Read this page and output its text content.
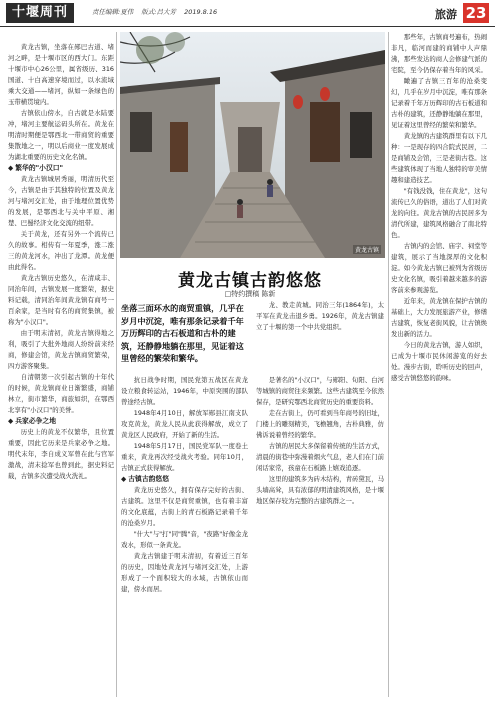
十堰周刊	责任编辑:夏伟 版式:吕大芳 2019.8.16	旅游 23

黄龙古镇，坐落在郧巴古道、堵河之畔，是十堰市区的西大门。东距十堰市中心26公里，属省级历、316国道、十白高速穿境而过，以水流域乘大交通——堵河，纵如一条绿色的玉带横贯境内。

古镇依山傍水，自古就是水陆要冲，堵河主要航运码头所在。黄龙在明清时期便是鄂西北一带商贸的重要集散地之一，明以后商业一度发展成为湖北重要的历史文化名镇。

◆ 繁华的"小汉口"

黄龙古镇城居秀丽，明清历代至今，古镇是由于其独特的位置及黄龙河与堵河交汇处，由于地理位置优势的发展，是鄂西北与关中平原、湘楚、巴蜀经济文化交流的纽带。

关于黄龙，还有另外一个流传已久的故事。相传有一年夏季，涨二涨三的黄龙河水，冲出了龙潭。黄龙便由此得名。

黄龙古镇历史悠久，在清咸丰、同治年间，古镇发展一度繁荣，据史料记载，清同治年间黄龙镇有商号一百余家，是当时有名的商贸集镇，被称为"小汉口"。

由于明末清初，黄龙古镇得地之利，吸引了大批外地商人纷纷前来经商，修建会馆，黄龙古镇商贸繁荣，四方游客聚集。

自清朝第一次引起古镇的十年代的时候，黄龙镇商业日渐繁盛，商铺林立，街市繁华，商旅如织，在鄂西北享有"小汉口"的美誉。

◆ 兵家必争之地

历史上的黄龙不仅繁华，且位置重要，因此它历来是兵家必争之地。明代末年，李自成义军曾在此与官军激战，清末捻军也曾到此，据史料记载，古镇多次遭受战火洗礼。

黄龙古镇
黄龙古镇古韵悠悠
□特约撰稿 陈新
坐落三面环水的商贸重镇，几乎在岁月中沉淀，唯有那条记录着千年万历辉印的古石板道和古朴的建筑，还静静地躺在那里，见证着这里曾经的繁荣和繁华。

龙、教走黄城。同治三年(1864年)，太平军在黄龙击退乡勇。1926年，黄龙古镇建立了十堰的第一个中共党组织。

抗日战争时期，国民党第五战区在黄龙设立粮食转运站，1946年，中原突围的部队曾途经古镇。

1948年4月10日，解放军郧县江南支队攻克黄龙，黄龙人民从此获得解放，成立了黄龙区人民政府，开始了新的生活。

1948年5月17日，国民党军队一度卷土重来，黄龙再次经受战火考验。同年10月，古镇正式获得解放。

◆ 古镇古韵悠悠

黄龙历史悠久，拥有保存完好的古街、古建筑。这里不仅是商贸重镇，也有着丰富的文化底蕴，古街上的青石板路记录着千年的沧桑岁月。

"什大"与"打"同"腾"音，"夜路"好像金龙戏水，形似一条黄龙。

黄龙古镇建于明末清初，有着近三百年的历史，因地处黄龙河与堵河交汇处，上游形成了一个面积较大的水域，古镇依山而建，傍水而居。

是著名的"小汉口"，与郧阳、旬阳、白河等城镇的商贸往来频繁。这些古建筑至今依然保存，是研究鄂西北商贸历史的重要资料。

走在古街上，仍可看到当年商号的旧址，门楼上的雕刻精美，飞檐翘角，古朴典雅，仿佛诉说着曾经的繁华。

古镇的居民大多保留着传统的生活方式，清晨的街巷中弥漫着烟火气息，老人们在门前闲话家常，孩童在石板路上嬉戏追逐。

这里的建筑多为砖木结构，青砖黛瓦，马头墙高耸，具有浓郁的明清建筑风格，是十堰地区保存较为完整的古建筑群之一。

那些年，古镇商号遍布，热闹非凡，临河而建的商铺中人声鼎沸，那些发达的商人会修建气派的宅院，至今仍保存着当年的风采。

瞰遍了古镇三百年的沧桑变幻，几乎在岁月中沉淀，唯有那条记录着千年万历辉印的古石板道和古朴的建筑，还静静地躺在那里，见证着这里曾经的繁荣和繁华。

黄龙镇的古建筑群里有以下几种：一是现存的四合院式民居，二是商铺及会馆，三是老街古巷。这些建筑体现了当地人独特的审美情趣和建造技艺。

"有钱没钱，住在黄龙"，这句流传已久的俗语，道出了人们对黄龙的向往。黄龙古镇的古民居多为清代所建，建筑风格融合了南北特色。

古镇内的会馆、庙宇、祠堂等建筑，展示了当地深厚的文化积淀。如今黄龙古镇已被列为省级历史文化名镇，吸引着越来越多的游客前来参观游览。

近年来，黄龙镇在保护古镇的基础上，大力发展旅游产业，修缮古建筑，恢复老街风貌，让古镇焕发出新的活力。

今日的黄龙古镇，游人如织，已成为十堰市民休闲游览的好去处。漫步古街，聆听历史的回声，感受古镇悠悠的韵味。
